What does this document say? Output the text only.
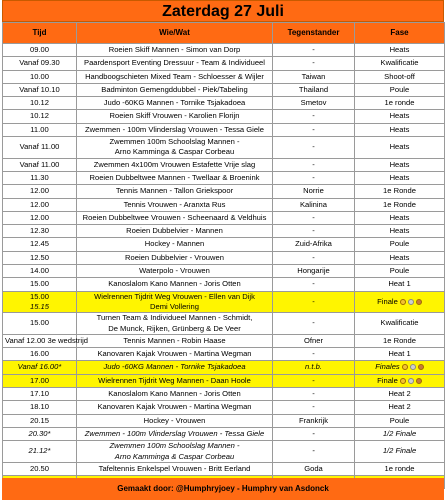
Zaterdag 27 Juli
Tijd	Wie/Wat	Tegenstander	Fase
09.00	Roeien Skiff Mannen - Simon van Dorp	-	Heats
Vanaf 09.30	Paardensport Eventing Dressuur - Team & Individueel	-	Kwalificatie
10.00	Handboogschieten Mixed Team - Schloesser & Wijler	Taiwan	Shoot-off
Vanaf 10.10	Badminton Gemengddubbel - Piek/Tabeling	Thailand	Poule
10.12	Judo -60KG Mannen - Tornike Tsjakadoea	Smetov	1e ronde
10.12	Roeien Skiff Vrouwen - Karolien Florijn	-	Heats
11.00	Zwemmen - 100m Vlinderslag Vrouwen - Tessa Giele	-	Heats
Vanaf 11.00	Zwemmen 100m Schoolslag Mannen -
Arno Kamminga & Caspar Corbeau	-	Heats
Vanaf 11.00	Zwemmen 4x100m Vrouwen Estafette Vrije slag	-	Heats
11.30	Roeien Dubbeltwee Mannen - Twellaar & Broenink	-	Heats
12.00	Tennis Mannen - Tallon Griekspoor	Norrie	1e Ronde
12.00	Tennis Vrouwen - Aranxta Rus	Kalinina	1e Ronde
12.00	Roeien Dubbeltwee Vrouwen - Scheenaard & Veldhuis	-	Heats
12.30	Roeien Dubbelvier - Mannen	-	Heats
12.45	Hockey - Mannen	Zuid-Afrika	Poule
12.50	Roeien Dubbelvier - Vrouwen	-	Heats
14.00	Waterpolo - Vrouwen	Hongarije	Poule
15.00	Kanoslalom Kano Mannen - Joris Otten	-	Heat 1

15.00
15.15	Wielrennen Tijdrit Weg Vrouwen - Ellen van Dijk
Demi Vollering	-	Finale
15.00	Turnen Team & Individueel Mannen - Schmidt,
De Munck, Rijken, Grünberg & De Veer	-	Kwalificatie
Vanaf 12.00 3e wedstrijd	Tennis Mannen - Robin Haase	Ofner	1e Ronde
16.00	Kanovaren Kajak Vrouwen - Martina Wegman	-	Heat 1
Vanaf 16.00*	Judo -60KG Mannen - Tornike Tsjakadoea	n.t.b.	Finales
17.00	Wielrennen Tijdrit Weg Mannen - Daan Hoole	-	Finale
17.10	Kanoslalom Kano Mannen - Joris Otten	-	Heat 2
18.10	Kanovaren Kajak Vrouwen - Martina Wegman	-	Heat 2
20.15	Hockey - Vrouwen	Frankrijk	Poule
20.30*	Zwemmen - 100m Vlinderslag Vrouwen - Tessa Giele	-	1/2 Finale
21.12*	Zwemmen 100m Schoolslag Mannen -
Arno Kamminga & Caspar Corbeau	-	1/2 Finale
20.50	Tafeltennis Enkelspel Vrouwen - Britt Eerland	Goda	1e ronde

Gemaakt door: @Humphryjoey - Humphry van Asdonck
